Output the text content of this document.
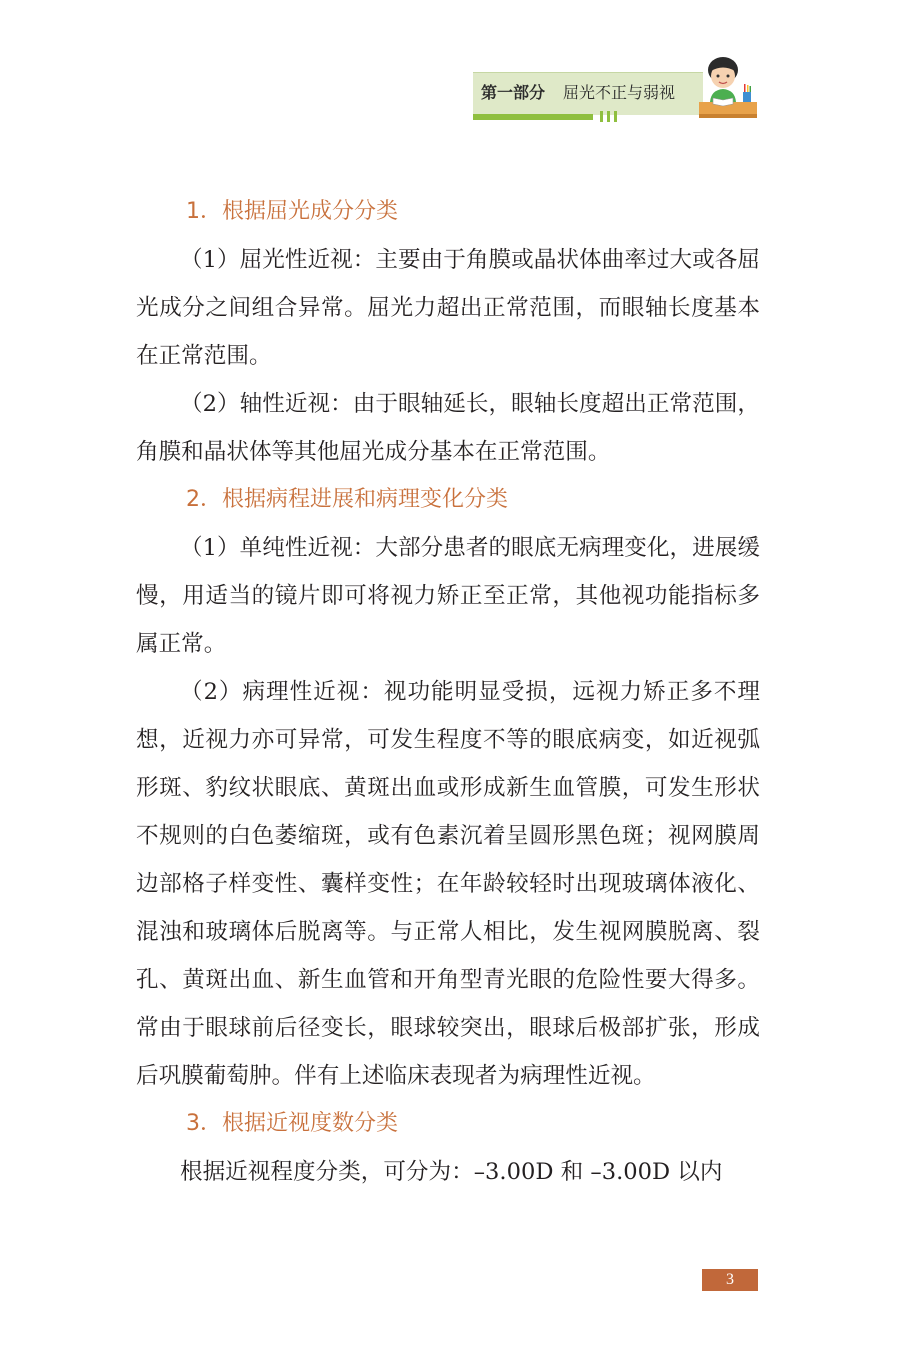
第一部分 屈光不正与弱视
1．根据屈光成分分类

（1）屈光性近视：主要由于角膜或晶状体曲率过大或各屈光成分之间组合异常。屈光力超出正常范围，而眼轴长度基本在正常范围。

（2）轴性近视：由于眼轴延长，眼轴长度超出正常范围，角膜和晶状体等其他屈光成分基本在正常范围。

2．根据病程进展和病理变化分类

（1）单纯性近视：大部分患者的眼底无病理变化，进展缓慢，用适当的镜片即可将视力矫正至正常，其他视功能指标多属正常。

（2）病理性近视：视功能明显受损，远视力矫正多不理想，近视力亦可异常，可发生程度不等的眼底病变，如近视弧形斑、豹纹状眼底、黄斑出血或形成新生血管膜，可发生形状不规则的白色萎缩斑，或有色素沉着呈圆形黑色斑；视网膜周边部格子样变性、囊样变性；在年龄较轻时出现玻璃体液化、混浊和玻璃体后脱离等。与正常人相比，发生视网膜脱离、裂孔、黄斑出血、新生血管和开角型青光眼的危险性要大得多。常由于眼球前后径变长，眼球较突出，眼球后极部扩张，形成后巩膜葡萄肿。伴有上述临床表现者为病理性近视。

3．根据近视度数分类

根据近视程度分类，可分为：–3.00D 和 –3.00D 以内

3
